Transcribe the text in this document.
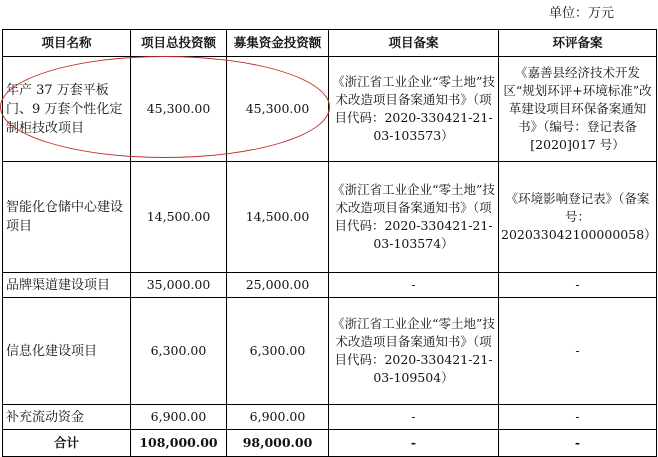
单位：万元
项目名称	项目总投资额	募集资金投资额	项目备案	环评备案
年产 37 万套平板门、9 万套个性化定制柜技改项目	45,300.00	45,300.00	《浙江省工业企业“零土地”技术改造项目备案通知书》（项目代码：2020-330421-21-03-103573）	《嘉善县经济技术开发区“规划环评+环境标准”改革建设项目环保备案通知书》（编号：登记表备[2020]017 号）
智能化仓储中心建设项目	14,500.00	14,500.00	《浙江省工业企业“零土地”技术改造项目备案通知书》（项目代码：2020-330421-21-03-103574）	《环境影响登记表》（备案号：202033042100000058）
品牌渠道建设项目	35,000.00	25,000.00	-	-
信息化建设项目	6,300.00	6,300.00	《浙江省工业企业“零土地”技术改造项目备案通知书》（项目代码：2020-330421-21-03-109504）	-
补充流动资金	6,900.00	6,900.00	-	-
合计	108,000.00	98,000.00	-	-
